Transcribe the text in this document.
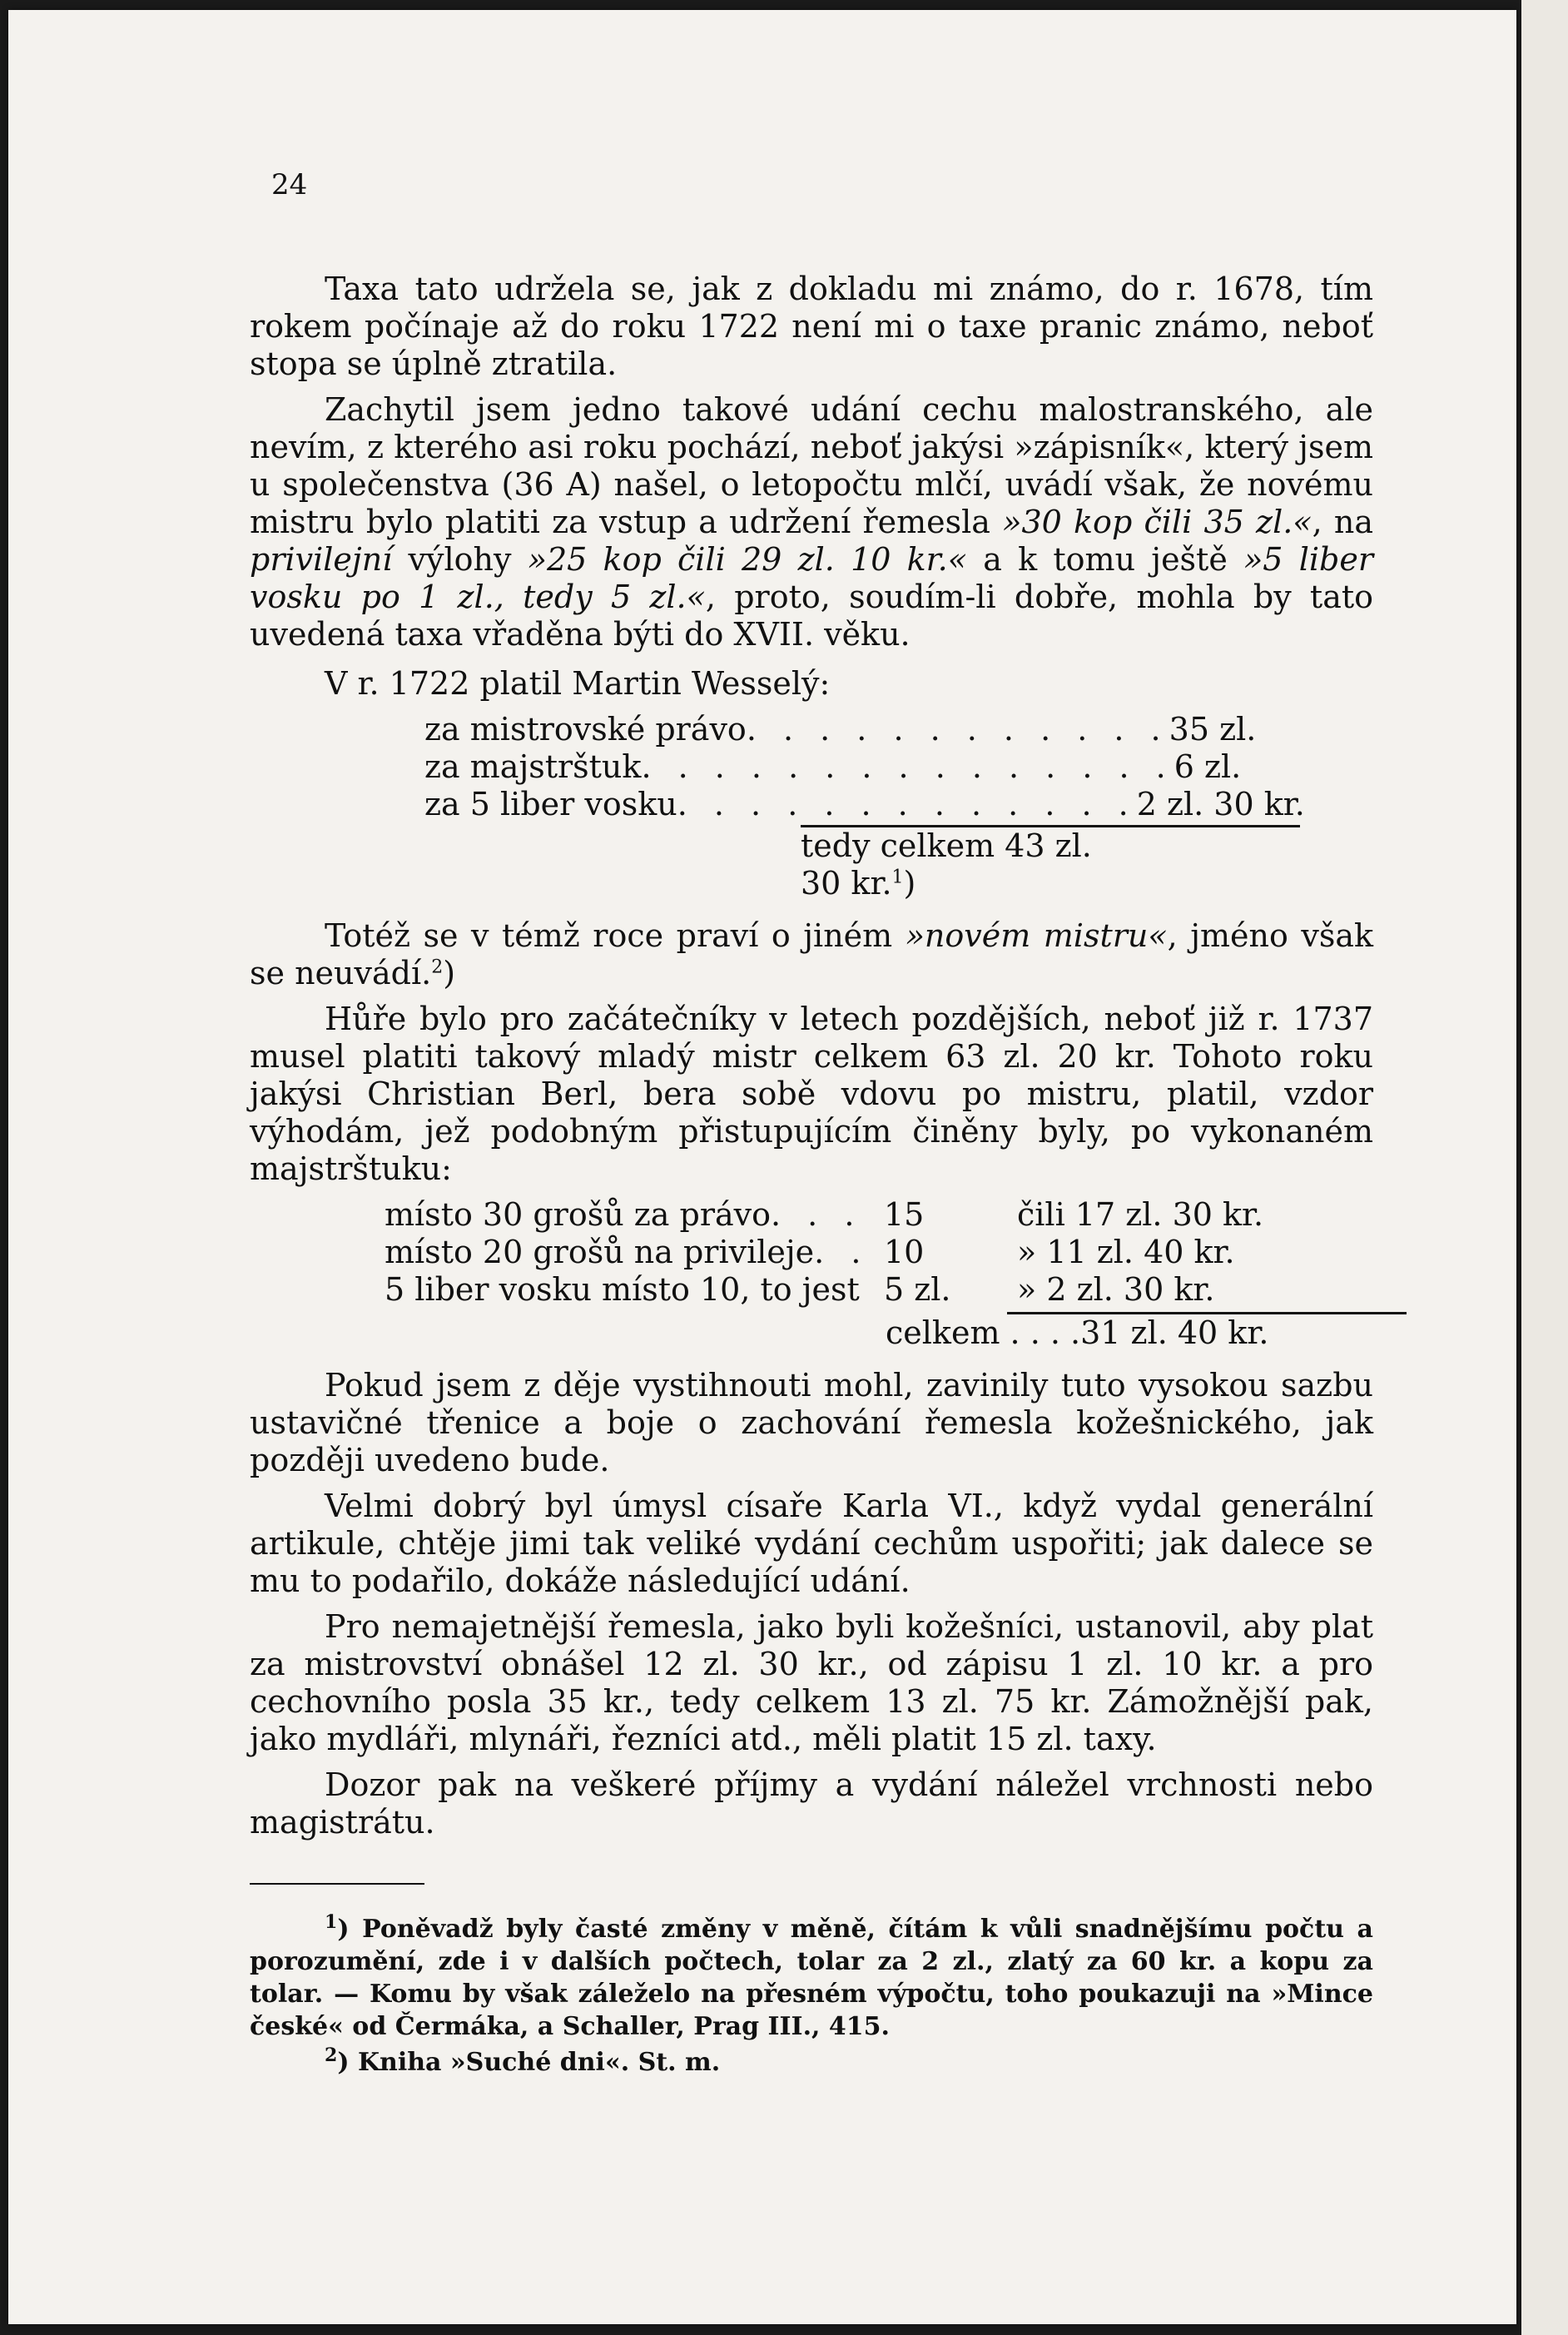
24

Taxa tato udržela se, jak z dokladu mi známo, do r. 1678, tím rokem počínaje až do roku 1722 není mi o taxe pranic známo, neboť stopa se úplně ztratila.

Zachytil jsem jedno takové udání cechu malostranského, ale nevím, z kterého asi roku pochází, neboť jakýsi »zápisník«, který jsem u společenstva (36 A) našel, o letopočtu mlčí, uvádí však, že novému mistru bylo platiti za vstup a udržení řemesla »30 kop čili 35 zl.«, na privilejní výlohy »25 kop čili 29 zl. 10 kr.« a k tomu ještě »5 liber vosku po 1 zl., tedy 5 zl.«, proto, soudím-li dobře, mohla by tato uvedená taxa vřaděna býti do XVII. věku.

V r. 1722 platil Martin Wesselý:

za mistrovské právo . . . . . . . . . . . . 35 zl.
za majstrštuk . . . . . . . . . . . . . . . 6 zl.
za 5 liber vosku . . . . . . . . . . . . . 2 zl. 30 kr.
tedy celkem 43 zl. 30 kr.$^1$)

Totéž se v témž roce praví o jiném »novém mistru«, jméno však se neuvádí.$^2$)

Hůře bylo pro začátečníky v letech pozdějších, neboť již r. 1737 musel platiti takový mladý mistr celkem 63 zl. 20 kr. Tohoto roku jakýsi Christian Berl, bera sobě vdovu po mistru, platil, vzdor výhodám, jež podobným přistupujícím činěny byly, po vykonaném majstrštuku:

místo 30 grošů za právo . . . 15	čili 17 zl. 30 kr.
místo 20 grošů na privileje . . 10	» 11 zl. 40 kr.
5 liber vosku místo 10, to jest 5 zl.	» 2 zl. 30 kr.
celkem . . . . 31 zl. 40 kr.

Pokud jsem z děje vystihnouti mohl, zavinily tuto vysokou sazbu ustavičné třenice a boje o zachování řemesla kožešnického, jak později uvedeno bude.

Velmi dobrý byl úmysl císaře Karla VI., když vydal generální artikule, chtěje jimi tak veliké vydání cechům uspořiti; jak dalece se mu to podařilo, dokáže následující udání.

Pro nemajetnější řemesla, jako byli kožešníci, ustanovil, aby plat za mistrovství obnášel 12 zl. 30 kr., od zápisu 1 zl. 10 kr. a pro cechovního posla 35 kr., tedy celkem 13 zl. 75 kr. Zámožnější pak, jako mydláři, mlynáři, řezníci atd., měli platit 15 zl. taxy.

Dozor pak na veškeré příjmy a vydání náležel vrchnosti nebo magistrátu.

$^1$) Poněvadž byly časté změny v měně, čítám k vůli snadnějšímu počtu a porozumění, zde i v dalších počtech, tolar za 2 zl., zlatý za 60 kr. a kopu za tolar. — Komu by však záleželo na přesném výpočtu, toho poukazuji na »Mince české« od Čermáka, a Schaller, Prag III., 415.

$^2$) Kniha »Suché dni«. St. m.
